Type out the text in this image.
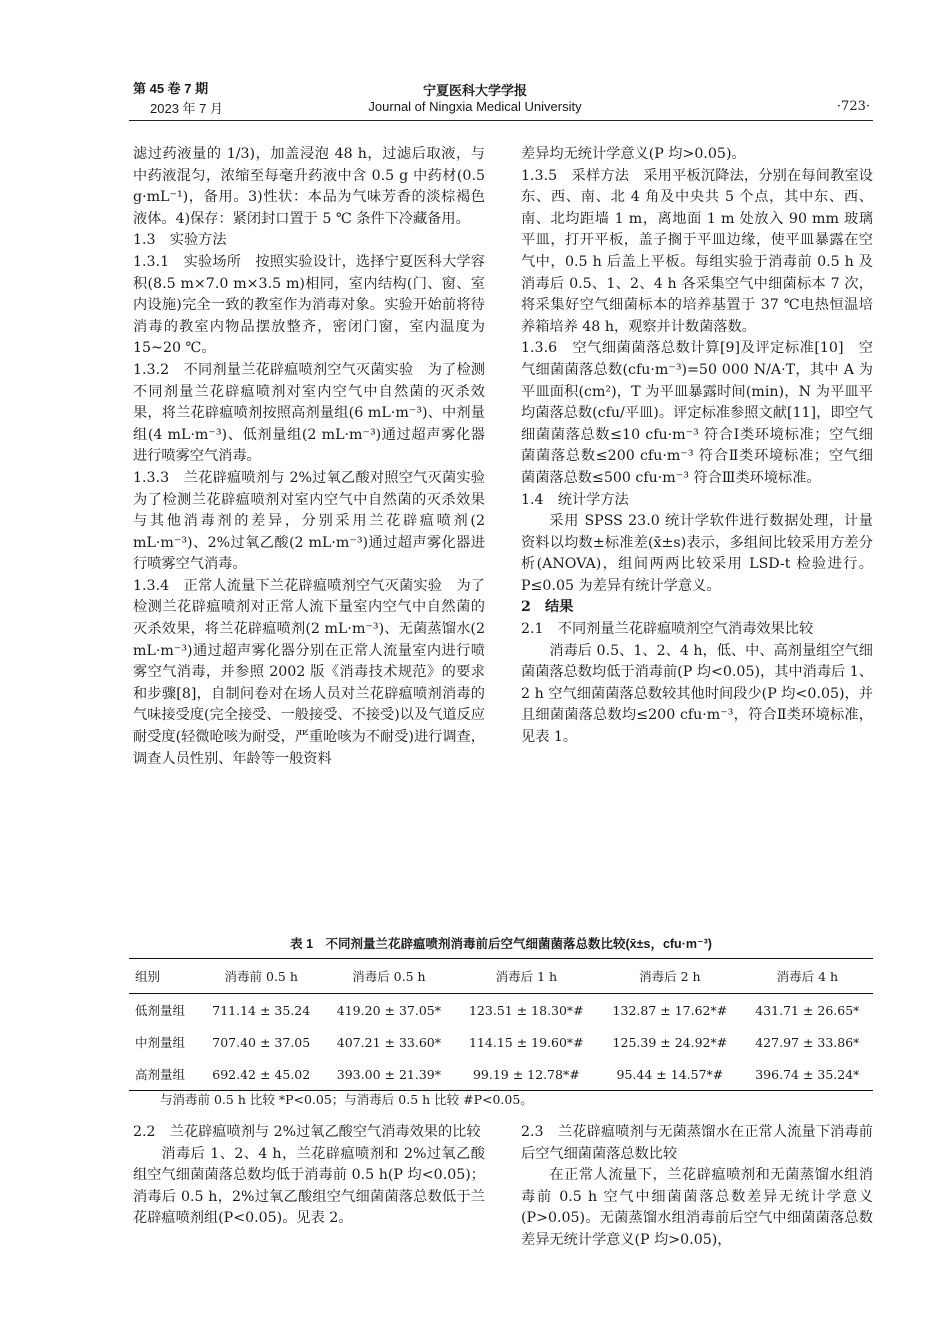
第 45 卷 7 期
2023 年 7 月
宁夏医科大学学报
Journal of Ningxia Medical University	·723·

滤过药液量的 1/3)，加盖浸泡 48 h，过滤后取液，与中药液混匀，浓缩至每毫升药液中含 0.5 g 中药材(0.5 g·mL⁻¹)，备用。3)性状：本品为气味芳香的淡棕褐色液体。4)保存：紧闭封口置于 5 ℃ 条件下冷藏备用。

1.3　实验方法

1.3.1　实验场所　按照实验设计，选择宁夏医科大学容积(8.5 m×7.0 m×3.5 m)相同，室内结构(门、窗、室内设施)完全一致的教室作为消毒对象。实验开始前将待消毒的教室内物品摆放整齐，密闭门窗，室内温度为 15~20 ℃。

1.3.2　不同剂量兰花辟瘟喷剂空气灭菌实验　为了检测不同剂量兰花辟瘟喷剂对室内空气中自然菌的灭杀效果，将兰花辟瘟喷剂按照高剂量组(6 mL·m⁻³)、中剂量组(4 mL·m⁻³)、低剂量组(2 mL·m⁻³)通过超声雾化器进行喷雾空气消毒。

1.3.3　兰花辟瘟喷剂与 2%过氧乙酸对照空气灭菌实验　为了检测兰花辟瘟喷剂对室内空气中自然菌的灭杀效果与其他消毒剂的差异，分别采用兰花辟瘟喷剂(2 mL·m⁻³)、2%过氧乙酸(2 mL·m⁻³)通过超声雾化器进行喷雾空气消毒。

1.3.4　正常人流量下兰花辟瘟喷剂空气灭菌实验　为了检测兰花辟瘟喷剂对正常人流下量室内空气中自然菌的灭杀效果，将兰花辟瘟喷剂(2 mL·m⁻³)、无菌蒸馏水(2 mL·m⁻³)通过超声雾化器分别在正常人流量室内进行喷雾空气消毒，并参照 2002 版《消毒技术规范》的要求和步骤[8]，自制问卷对在场人员对兰花辟瘟喷剂消毒的气味接受度(完全接受、一般接受、不接受)以及气道反应耐受度(轻微呛咳为耐受，严重呛咳为不耐受)进行调查，调查人员性别、年龄等一般资料

差异均无统计学意义(P 均>0.05)。

1.3.5　采样方法　采用平板沉降法，分别在每间教室设东、西、南、北 4 角及中央共 5 个点，其中东、西、南、北均距墙 1 m，离地面 1 m 处放入 90 mm 玻璃平皿，打开平板，盖子搁于平皿边缘，使平皿暴露在空气中，0.5 h 后盖上平板。每组实验于消毒前 0.5 h 及消毒后 0.5、1、2、4 h 各采集空气中细菌标本 7 次，将采集好空气细菌标本的培养基置于 37 ℃电热恒温培养箱培养 48 h，观察并计数菌落数。

1.3.6　空气细菌菌落总数计算[9]及评定标准[10]　空气细菌菌落总数(cfu·m⁻³)=50 000 N/A·T，其中 A 为平皿面积(cm²)，T 为平皿暴露时间(min)，N 为平皿平均菌落总数(cfu/平皿)。评定标准参照文献[11]，即空气细菌菌落总数≤10 cfu·m⁻³ 符合Ⅰ类环境标准；空气细菌菌落总数≤200 cfu·m⁻³ 符合Ⅱ类环境标准；空气细菌菌落总数≤500 cfu·m⁻³ 符合Ⅲ类环境标准。

1.4　统计学方法

采用 SPSS 23.0 统计学软件进行数据处理，计量资料以均数±标准差(x̄±s)表示，多组间比较采用方差分析(ANOVA)，组间两两比较采用 LSD-t 检验进行。P≤0.05 为差异有统计学意义。

2　结果

2.1　不同剂量兰花辟瘟喷剂空气消毒效果比较

消毒后 0.5、1、2、4 h，低、中、高剂量组空气细菌菌落总数均低于消毒前(P 均<0.05)，其中消毒后 1、2 h 空气细菌菌落总数较其他时间段少(P 均<0.05)，并且细菌菌落总数均≤200 cfu·m⁻³，符合Ⅱ类环境标准，见表 1。

表 1　不同剂量兰花辟瘟喷剂消毒前后空气细菌菌落总数比较(x̄±s，cfu·m⁻³)
组别	消毒前 0.5 h	消毒后 0.5 h	消毒后 1 h	消毒后 2 h	消毒后 4 h
低剂量组	711.14 ± 35.24	419.20 ± 37.05*	123.51 ± 18.30*#	132.87 ± 17.62*#	431.71 ± 26.65*
中剂量组	707.40 ± 37.05	407.21 ± 33.60*	114.15 ± 19.60*#	125.39 ± 24.92*#	427.97 ± 33.86*
高剂量组	692.42 ± 45.02	393.00 ± 21.39*	99.19 ± 12.78*#	95.44 ± 14.57*#	396.74 ± 35.24*
与消毒前 0.5 h 比较 *P<0.05；与消毒后 0.5 h 比较 #P<0.05。

2.2　兰花辟瘟喷剂与 2%过氧乙酸空气消毒效果的比较

消毒后 1、2、4 h，兰花辟瘟喷剂和 2%过氧乙酸组空气细菌菌落总数均低于消毒前 0.5 h(P 均<0.05)；消毒后 0.5 h，2%过氧乙酸组空气细菌菌落总数低于兰花辟瘟喷剂组(P<0.05)。见表 2。

2.3　兰花辟瘟喷剂与无菌蒸馏水在正常人流量下消毒前后空气细菌菌落总数比较

在正常人流量下，兰花辟瘟喷剂和无菌蒸馏水组消毒前 0.5 h 空气中细菌菌落总数差异无统计学意义(P>0.05)。无菌蒸馏水组消毒前后空气中细菌菌落总数差异无统计学意义(P 均>0.05)，
